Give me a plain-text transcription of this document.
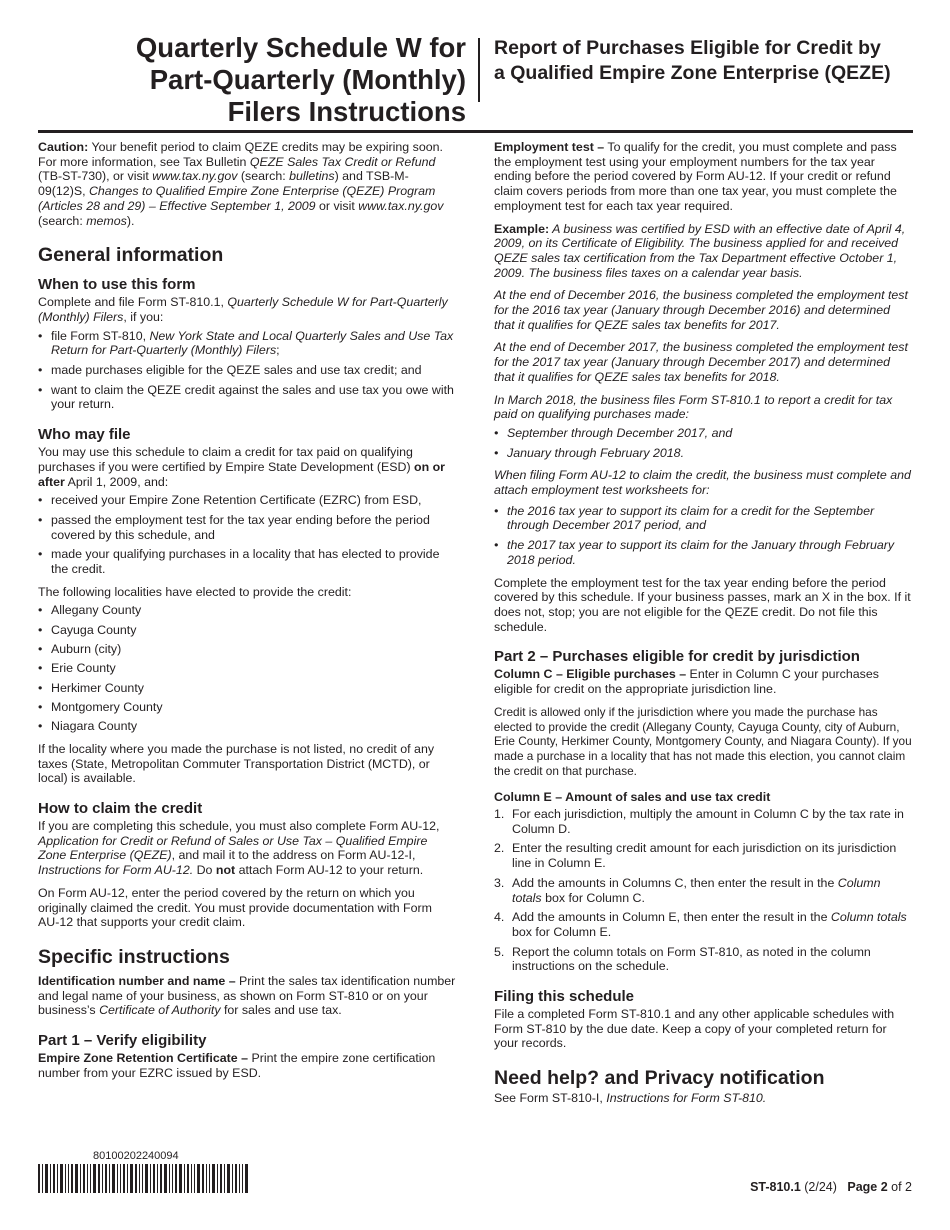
Quarterly Schedule W for
Part-Quarterly (Monthly)
Filers Instructions
Report of Purchases Eligible for Credit by
a Qualified Empire Zone Enterprise (QEZE)

Caution: Your benefit period to claim QEZE credits may be expiring soon. For more information, see Tax Bulletin QEZE Sales Tax Credit or Refund (TB-ST-730), or visit www.tax.ny.gov (search: bulletins) and TSB-M-09(12)S, Changes to Qualified Empire Zone Enterprise (QEZE) Program (Articles 28 and 29) – Effective September 1, 2009 or visit www.tax.ny.gov (search: memos).

General information
When to use this form

Complete and file Form ST-810.1, Quarterly Schedule W for Part-Quarterly (Monthly) Filers, if you:

• file Form ST-810, New York State and Local Quarterly Sales and Use Tax Return for Part-Quarterly (Monthly) Filers;
• made purchases eligible for the QEZE sales and use tax credit; and
• want to claim the QEZE credit against the sales and use tax you owe with your return.
Who may file

You may use this schedule to claim a credit for tax paid on qualifying purchases if you were certified by Empire State Development (ESD) on or after April 1, 2009, and:

• received your Empire Zone Retention Certificate (EZRC) from ESD,
• passed the employment test for the tax year ending before the period covered by this schedule, and
• made your qualifying purchases in a locality that has elected to provide the credit.

The following localities have elected to provide the credit:

• Allegany County
• Cayuga County
• Auburn (city)
• Erie County
• Herkimer County
• Montgomery County
• Niagara County

If the locality where you made the purchase is not listed, no credit of any taxes (State, Metropolitan Commuter Transportation District (MCTD), or local) is available.

How to claim the credit

If you are completing this schedule, you must also complete Form AU-12, Application for Credit or Refund of Sales or Use Tax – Qualified Empire Zone Enterprise (QEZE), and mail it to the address on Form AU-12-I, Instructions for Form AU-12. Do not attach Form AU-12 to your return.

On Form AU-12, enter the period covered by the return on which you originally claimed the credit. You must provide documentation with Form AU-12 that supports your credit claim.

Specific instructions

Identification number and name – Print the sales tax identification number and legal name of your business, as shown on Form ST-810 or on your business’s Certificate of Authority for sales and use tax.

Part 1 – Verify eligibility

Empire Zone Retention Certificate – Print the empire zone certification number from your EZRC issued by ESD.

Employment test – To qualify for the credit, you must complete and pass the employment test using your employment numbers for the tax year ending before the period covered by Form AU-12. If your credit or refund claim covers periods from more than one tax year, you must complete the employment test for each tax year required.

Example: A business was certified by ESD with an effective date of April 4, 2009, on its Certificate of Eligibility. The business applied for and received QEZE sales tax certification from the Tax Department effective October 1, 2009. The business files taxes on a calendar year basis.

At the end of December 2016, the business completed the employment test for the 2016 tax year (January through December 2016) and determined that it qualifies for QEZE sales tax benefits for 2017.

At the end of December 2017, the business completed the employment test for the 2017 tax year (January through December 2017) and determined that it qualifies for QEZE sales tax benefits for 2018.

In March 2018, the business files Form ST-810.1 to report a credit for tax paid on qualifying purchases made:

• September through December 2017, and
• January through February 2018.

When filing Form AU-12 to claim the credit, the business must complete and attach employment test worksheets for:

• the 2016 tax year to support its claim for a credit for the September through December 2017 period, and
• the 2017 tax year to support its claim for the January through February 2018 period.

Complete the employment test for the tax year ending before the period covered by this schedule. If your business passes, mark an X in the box. If it does not, stop; you are not eligible for the QEZE credit. Do not file this schedule.

Part 2 – Purchases eligible for credit by jurisdiction

Column C – Eligible purchases – Enter in Column C your purchases eligible for credit on the appropriate jurisdiction line.

Credit is allowed only if the jurisdiction where you made the purchase has elected to provide the credit (Allegany County, Cayuga County, city of Auburn, Erie County, Herkimer County, Montgomery County, and Niagara County). If you made a purchase in a locality that has not made this election, you cannot claim the credit on that purchase.

Column E – Amount of sales and use tax credit

1. For each jurisdiction, multiply the amount in Column C by the tax rate in Column D.
2. Enter the resulting credit amount for each jurisdiction on its jurisdiction line in Column E.
3. Add the amounts in Columns C, then enter the result in the Column totals box for Column C.
4. Add the amounts in Column E, then enter the result in the Column totals box for Column E.
5. Report the column totals on Form ST-810, as noted in the column instructions on the schedule.
Filing this schedule

File a completed Form ST-810.1 and any other applicable schedules with Form ST-810 by the due date. Keep a copy of your completed return for your records.

Need help? and Privacy notification

See Form ST-810-I, Instructions for Form ST-810.

80100202240094
ST-810.1 (2/24) Page 2 of 2
